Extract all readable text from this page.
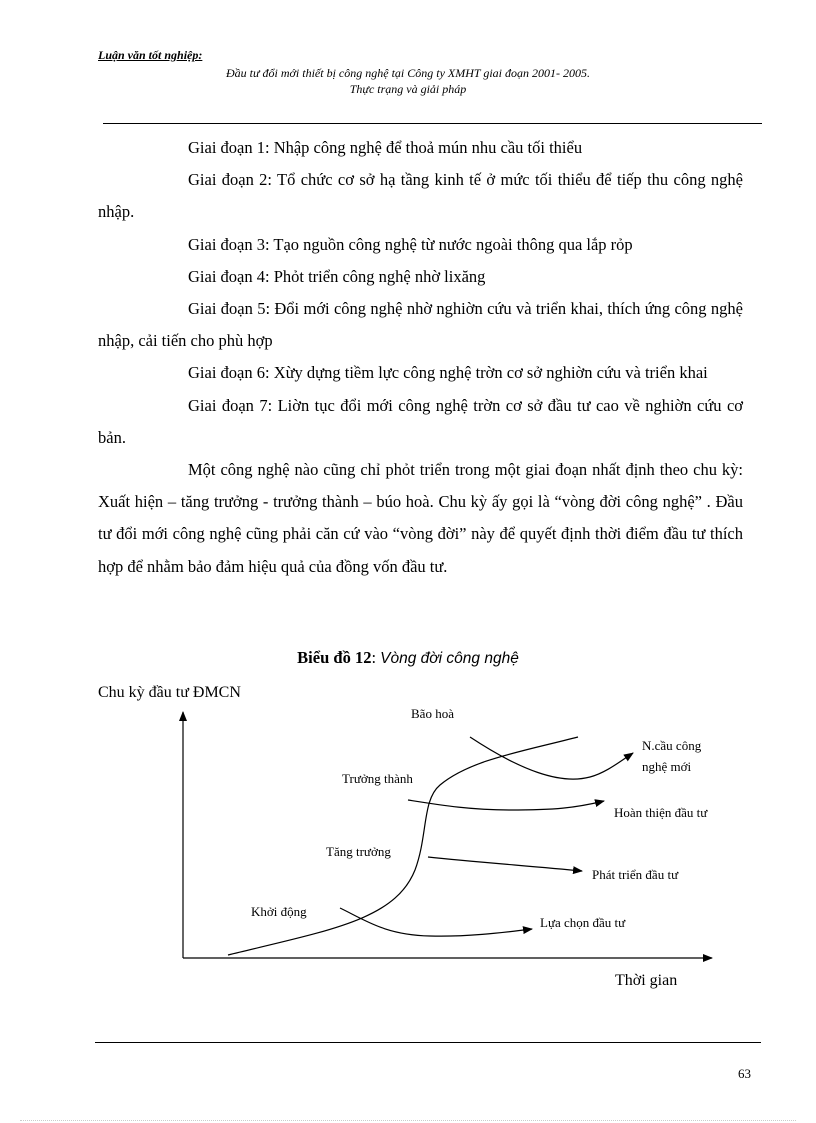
Luận văn tốt nghiệp:
Đầu tư đổi mới thiết bị công nghệ tại Công ty XMHT giai đoạn 2001- 2005.
Thực trạng và giải pháp

Giai đoạn 1: Nhập công nghệ để thoả mún nhu cầu tối thiểu

Giai đoạn 2: Tổ chức cơ sở hạ tầng kinh tế ở mức tối thiểu để tiếp thu công nghệ nhập.

Giai đoạn 3: Tạo nguồn công nghệ từ nước ngoài thông qua lắp rỏp

Giai đoạn 4: Phỏt triển công nghệ nhờ lixăng

Giai đoạn 5: Đổi mới công nghệ nhờ nghiờn cứu và triển khai, thích ứng công nghệ nhập, cải tiến cho phù hợp

Giai đoạn 6: Xừy dựng tiềm lực công nghệ trờn cơ sở nghiờn cứu và triển khai

Giai đoạn 7: Liờn tục đổi mới công nghệ trờn cơ sở đầu tư cao về nghiờn cứu cơ bản.

Một công nghệ nào cũng chỉ phỏt triển trong một giai đoạn nhất định theo chu kỳ: Xuất hiện – tăng trưởng - trưởng thành – búo hoà. Chu kỳ ấy gọi là “vòng đời công nghệ” . Đầu tư đổi mới công nghệ cũng phải căn cứ vào “vòng đời” này để quyết định thời điểm đầu tư thích hợp để nhằm bảo đảm hiệu quả của đồng vốn đầu tư.

Biểu đồ 12: Vòng đời công nghệ
Chu kỳ đầu tư ĐMCN
Thời gian
Bão hoà
Trưởng thành
Tăng trưởng
Khởi động
N.cầu công
nghệ mới
Hoàn thiện đầu tư
Phát triển đầu tư
Lựa chọn đầu tư
63
